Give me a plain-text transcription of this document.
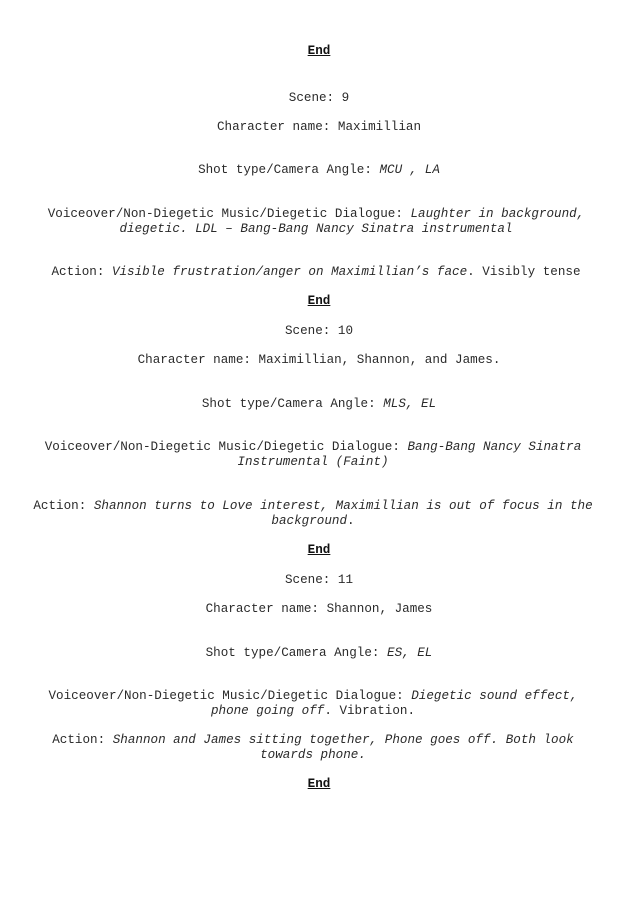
End
Scene: 9
Character name: Maximillian
Shot type/Camera Angle: MCU , LA
Voiceover/Non-Diegetic Music/Diegetic Dialogue: Laughter in background, diegetic. LDL – Bang-Bang Nancy Sinatra instrumental
Action: Visible frustration/anger on Maximillian’s face. Visibly tense
End
Scene: 10
Character name: Maximillian, Shannon, and James.
Shot type/Camera Angle: MLS, EL
Voiceover/Non-Diegetic Music/Diegetic Dialogue: Bang-Bang Nancy Sinatra Instrumental (Faint)
Action: Shannon turns to Love interest, Maximillian is out of focus in the background.
End
Scene: 11
Character name: Shannon, James
Shot type/Camera Angle: ES, EL
Voiceover/Non-Diegetic Music/Diegetic Dialogue: Diegetic sound effect, phone going off. Vibration.
Action: Shannon and James sitting together, Phone goes off. Both look towards phone.
End
